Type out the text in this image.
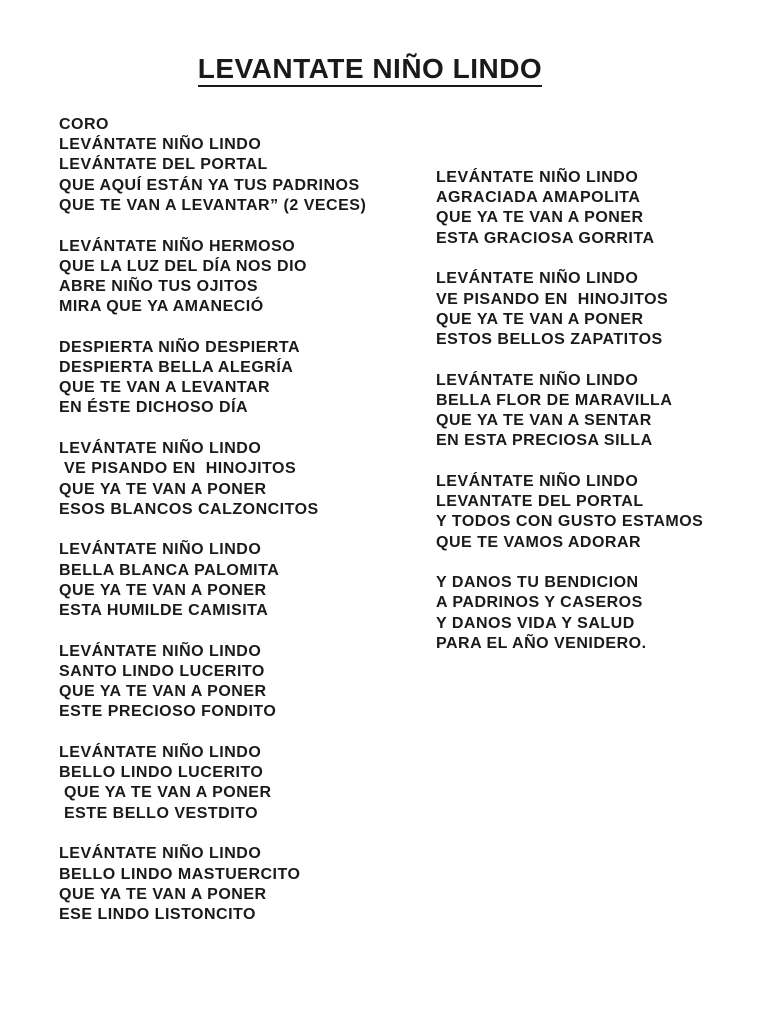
LEVANTATE NIÑO LINDO
CORO
LEVÁNTATE NIÑO LINDO
LEVÁNTATE DEL PORTAL
QUE AQUÍ ESTÁN YA TUS PADRINOS
QUE TE VAN A LEVANTAR” (2 VECES)
LEVÁNTATE NIÑO HERMOSO
QUE LA LUZ DEL DÍA NOS DIO
ABRE NIÑO TUS OJITOS
MIRA QUE YA AMANECIÓ
DESPIERTA NIÑO DESPIERTA
DESPIERTA BELLA ALEGRÍA
QUE TE VAN A LEVANTAR
EN ÉSTE DICHOSO DÍA
LEVÁNTATE NIÑO LINDO
VE PISANDO EN  HINOJITOS
QUE YA TE VAN A PONER
ESOS BLANCOS CALZONCITOS
LEVÁNTATE NIÑO LINDO
BELLA BLANCA PALOMITA
QUE YA TE VAN A PONER
ESTA HUMILDE CAMISITA
LEVÁNTATE NIÑO LINDO
SANTO LINDO LUCERITO
QUE YA TE VAN A PONER
ESTE PRECIOSO FONDITO
LEVÁNTATE NIÑO LINDO
BELLO LINDO LUCERITO
QUE YA TE VAN A PONER
ESTE BELLO VESTDITO
LEVÁNTATE NIÑO LINDO
BELLO LINDO MASTUERCITO
QUE YA TE VAN A PONER
ESE LINDO LISTONCITO
LEVÁNTATE NIÑO LINDO
AGRACIADA AMAPOLITA
QUE YA TE VAN A PONER
ESTA GRACIOSA GORRITA
LEVÁNTATE NIÑO LINDO
VE PISANDO EN  HINOJITOS
QUE YA TE VAN A PONER
ESTOS BELLOS ZAPATITOS
LEVÁNTATE NIÑO LINDO
BELLA FLOR DE MARAVILLA
QUE YA TE VAN A SENTAR
EN ESTA PRECIOSA SILLA
LEVÁNTATE NIÑO LINDO
LEVANTATE DEL PORTAL
Y TODOS CON GUSTO ESTAMOS
QUE TE VAMOS ADORAR
Y DANOS TU BENDICION
A PADRINOS Y CASEROS
Y DANOS VIDA Y SALUD
PARA EL AÑO VENIDERO.
